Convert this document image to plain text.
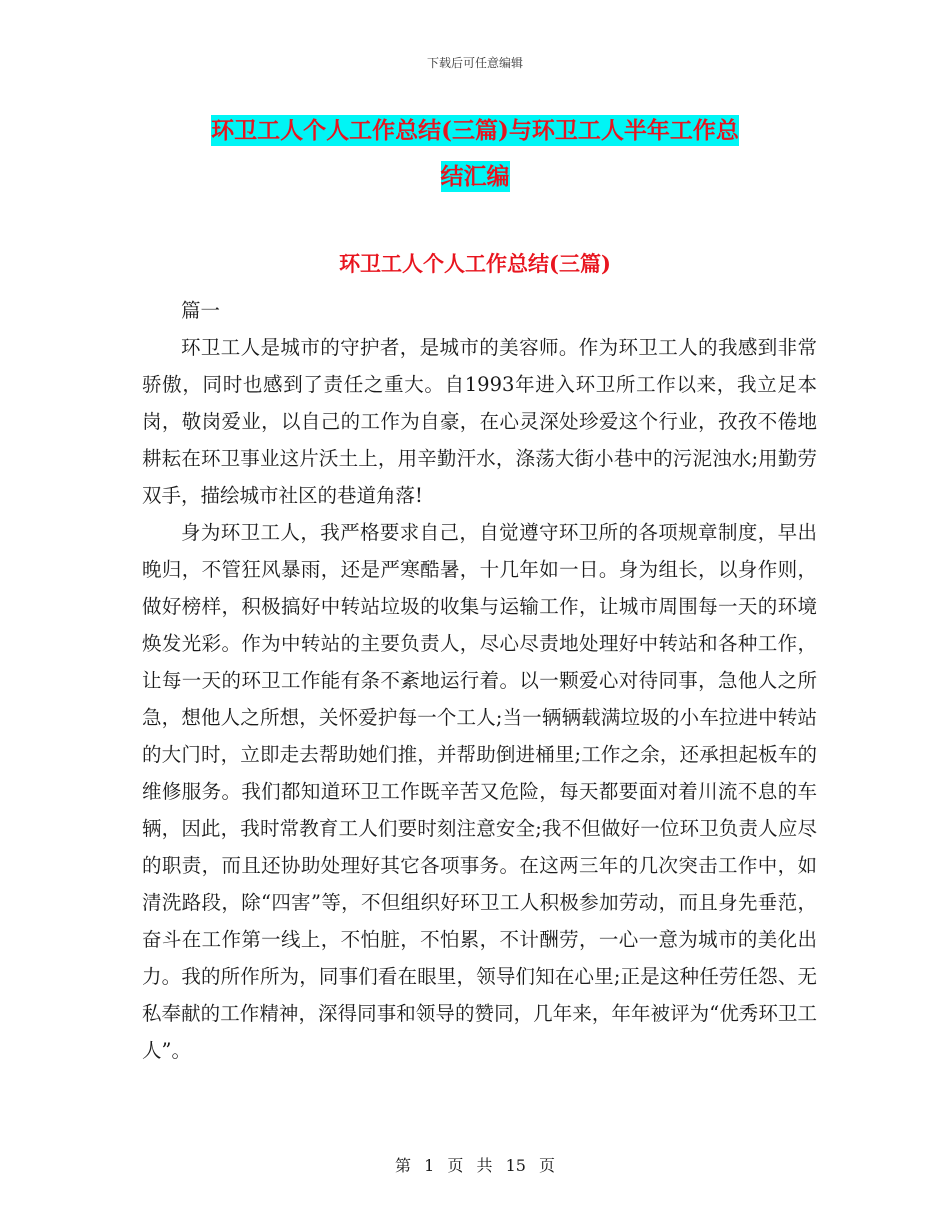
下载后可任意编辑
环卫工人个人工作总结(三篇)与环卫工人半年工作总
结汇编
环卫工人个人工作总结(三篇)

篇一

环卫工人是城市的守护者，是城市的美容师。作为环卫工人的我感到非常骄傲，同时也感到了责任之重大。自1993年进入环卫所工作以来，我立足本岗，敬岗爱业，以自己的工作为自豪，在心灵深处珍爱这个行业，孜孜不倦地耕耘在环卫事业这片沃土上，用辛勤汗水，涤荡大街小巷中的污泥浊水;用勤劳双手，描绘城市社区的巷道角落!

身为环卫工人，我严格要求自己，自觉遵守环卫所的各项规章制度，早出晚归，不管狂风暴雨，还是严寒酷暑，十几年如一日。身为组长，以身作则，做好榜样，积极搞好中转站垃圾的收集与运输工作，让城市周围每一天的环境焕发光彩。作为中转站的主要负责人，尽心尽责地处理好中转站和各种工作，让每一天的环卫工作能有条不紊地运行着。以一颗爱心对待同事，急他人之所急，想他人之所想，关怀爱护每一个工人;当一辆辆载满垃圾的小车拉进中转站的大门时，立即走去帮助她们推，并帮助倒进桶里;工作之余，还承担起板车的维修服务。我们都知道环卫工作既辛苦又危险，每天都要面对着川流不息的车辆，因此，我时常教育工人们要时刻注意安全;我不但做好一位环卫负责人应尽的职责，而且还协助处理好其它各项事务。在这两三年的几次突击工作中，如清洗路段，除“四害”等，不但组织好环卫工人积极参加劳动，而且身先垂范，奋斗在工作第一线上，不怕脏，不怕累，不计酬劳，一心一意为城市的美化出力。我的所作所为，同事们看在眼里，领导们知在心里;正是这种任劳任怨、无私奉献的工作精神，深得同事和领导的赞同，几年来，年年被评为“优秀环卫工人”。

第 1 页 共 15 页
